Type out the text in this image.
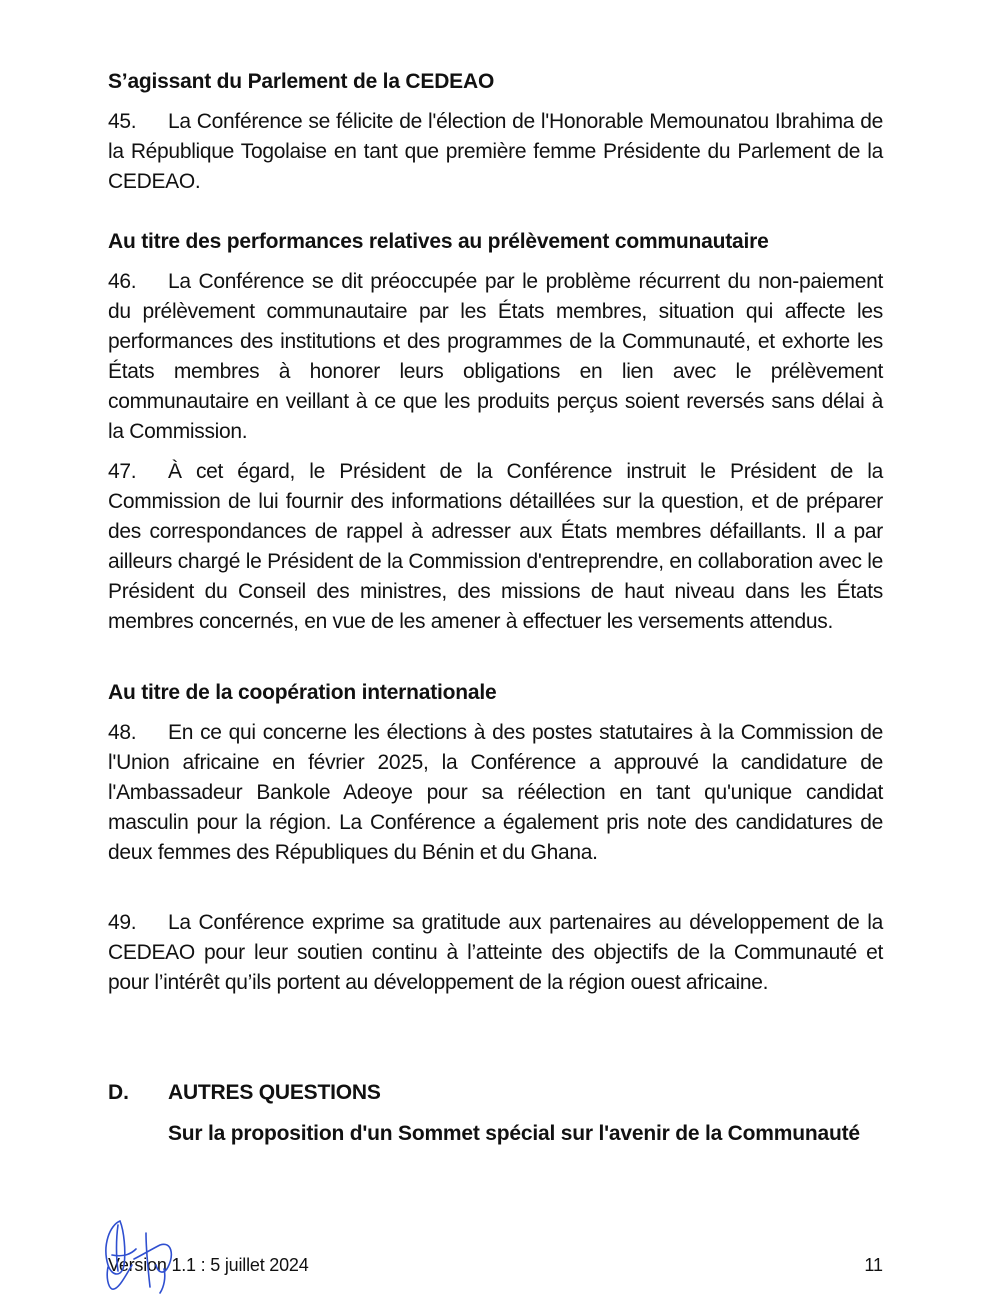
S’agissant du Parlement de la CEDEAO
45. La Conférence se félicite de l'élection de l'Honorable Memounatou Ibrahima de la République Togolaise en tant que première femme Présidente du Parlement de la CEDEAO.
Au titre des performances relatives au prélèvement communautaire
46. La Conférence se dit préoccupée par le problème récurrent du non-paiement du prélèvement communautaire par les États membres, situation qui affecte les performances des institutions et des programmes de la Communauté, et exhorte les États membres à honorer leurs obligations en lien avec le prélèvement communautaire en veillant à ce que les produits perçus soient reversés sans délai à la Commission.
47. À cet égard, le Président de la Conférence instruit le Président de la Commission de lui fournir des informations détaillées sur la question, et de préparer des correspondances de rappel à adresser aux États membres défaillants. Il a par ailleurs chargé le Président de la Commission d'entreprendre, en collaboration avec le Président du Conseil des ministres, des missions de haut niveau dans les États membres concernés, en vue de les amener à effectuer les versements attendus.
Au titre de la coopération internationale
48. En ce qui concerne les élections à des postes statutaires à la Commission de l'Union africaine en février 2025, la Conférence a approuvé la candidature de l'Ambassadeur Bankole Adeoye pour sa réélection en tant qu'unique candidat masculin pour la région. La Conférence a également pris note des candidatures de deux femmes des Républiques du Bénin et du Ghana.
49. La Conférence exprime sa gratitude aux partenaires au développement de la CEDEAO pour leur soutien continu à l’atteinte des objectifs de la Communauté et pour l’intérêt qu’ils portent au développement de la région ouest africaine.
D. AUTRES QUESTIONS
Sur la proposition d'un Sommet spécial sur l'avenir de la Communauté
Version 1.1 : 5 juillet 2024	11
